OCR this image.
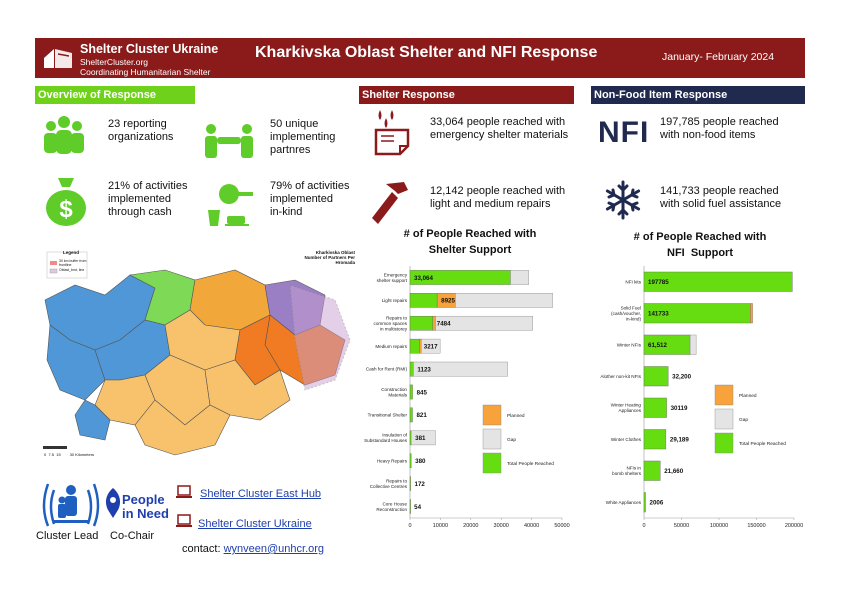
Shelter Cluster Ukraine
ShelterCluster.org
Coordinating Humanitarian Shelter
Kharkivska Oblast Shelter and NFI Response	January- February 2024
Overview of Response	Shelter Response	Non-Food Item Response
23 reporting
organizations
50 unique
implementing
partnres
$
21% of activities
implemented
through cash
79% of activities
implemented
in-kind
33,064 people reached with
emergency shelter materials
12,142 people reached with
light and medium repairs
NFI 197,785 people reached
with non-food items
141,733 people reached
with solid fuel assistance
Legend
30 km buffer from frontline
Oblast_bnd, line
Kharkivska Oblast
Number of Partners Per Hromada
0  7.5  15        30 Kilometers
People
in Need
Cluster Lead Co-Chair
Shelter Cluster East Hub
Shelter Cluster Ukraine
contact: wynveen@unhcr.org
# of People Reached with
Shelter Support
# of People Reached with
NFI  Support
Emergency shelter support 33,064
Light repairs	8925
Repairs to common spaces in multistorey
7484
Medium repairs	3217
Cash for Rent (RMI) 1123
Construction Materials 845
Transitional Shelter 821
Insulation of Substandard Houses 381
Heavy Repairs 380
Repairs to Collective Centres 172
Core House Reconstruction 54
0	10000	20000	30000	40000	50000
Planned
Gap
Total People Reached
NFI kits 197785
Solid Fuel (cash/voucher, in-kind)
141733
Winter NFIs 61,512
Alother non-kit NFIs	32,200
Winter Heating Appliances	30119
Winter Clothes	29,189
NFIs in bomb shelters	21,660
White Appliances 2006
0	50000	100000	150000	200000
Planned
Gap
Total People Reached
